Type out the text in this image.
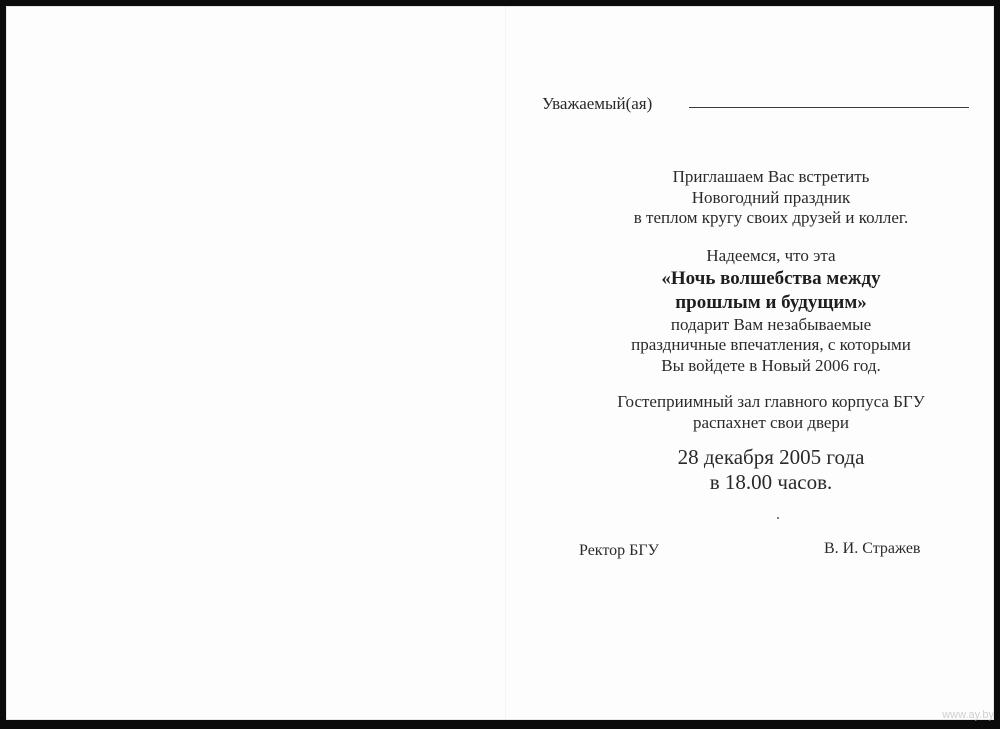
Уважаемый(ая)
Приглашаем Вас встретить
Новогодний праздник
в теплом кругу своих друзей и коллег.
Надеемся, что эта
«Ночь волшебства между
прошлым и будущим»
подарит Вам незабываемые
праздничные впечатления, с которыми
Вы войдете в Новый 2006 год.
Гостеприимный зал главного корпуса БГУ
распахнет свои двери
28 декабря 2005 года
в 18.00 часов.
Ректор БГУ	В. И. Стражев
www.ay.by
